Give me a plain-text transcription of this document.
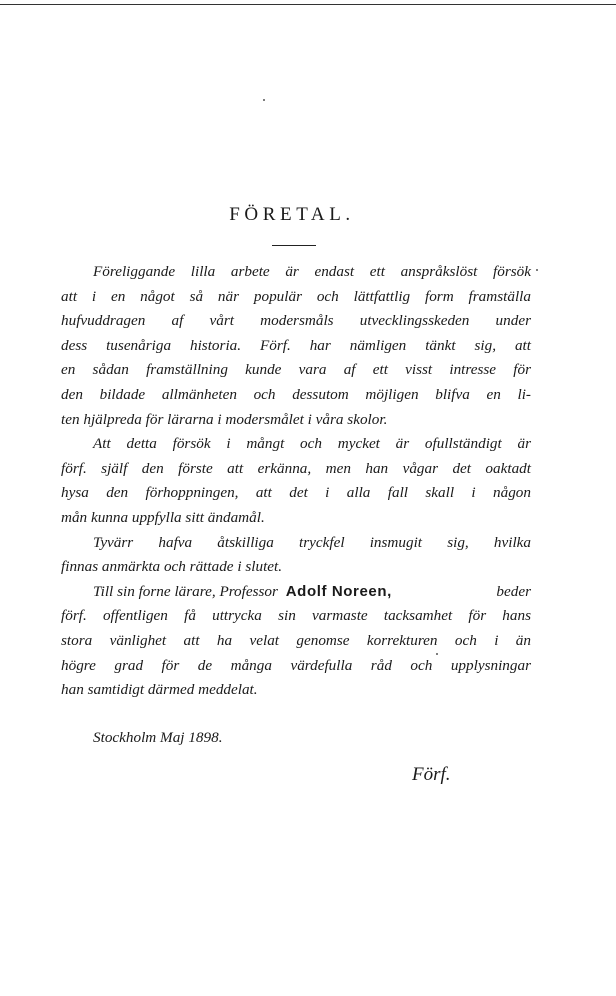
FÖRETAL.
Föreliggande lilla arbete är endast ett anspråkslöst försök
att i en något så när populär och lättfattlig form framställa
hufvuddragen af vårt modersmåls utvecklingsskeden under
dess tusenåriga historia. Förf. har nämligen tänkt sig, att
en sådan framställning kunde vara af ett visst intresse för
den bildade allmänheten och dessutom möjligen blifva en li-
ten hjälpreda för lärarna i modersmålet i våra skolor.
Att detta försök i mångt och mycket är ofullständigt är
förf. själf den förste att erkänna, men han vågar det oaktadt
hysa den förhoppningen, att det i alla fall skall i någon
mån kunna uppfylla sitt ändamål.
Tyvärr hafva åtskilliga tryckfel insmugit sig, hvilka
finnas anmärkta och rättade i slutet.
Till sin forne lärare, Professor Adolf Noreen,	beder
förf. offentligen få uttrycka sin varmaste tacksamhet för hans
stora vänlighet att ha velat genomse korrekturen och i än
högre grad för de många värdefulla råd och upplysningar
han samtidigt därmed meddelat.
Stockholm Maj 1898.
Förf.
